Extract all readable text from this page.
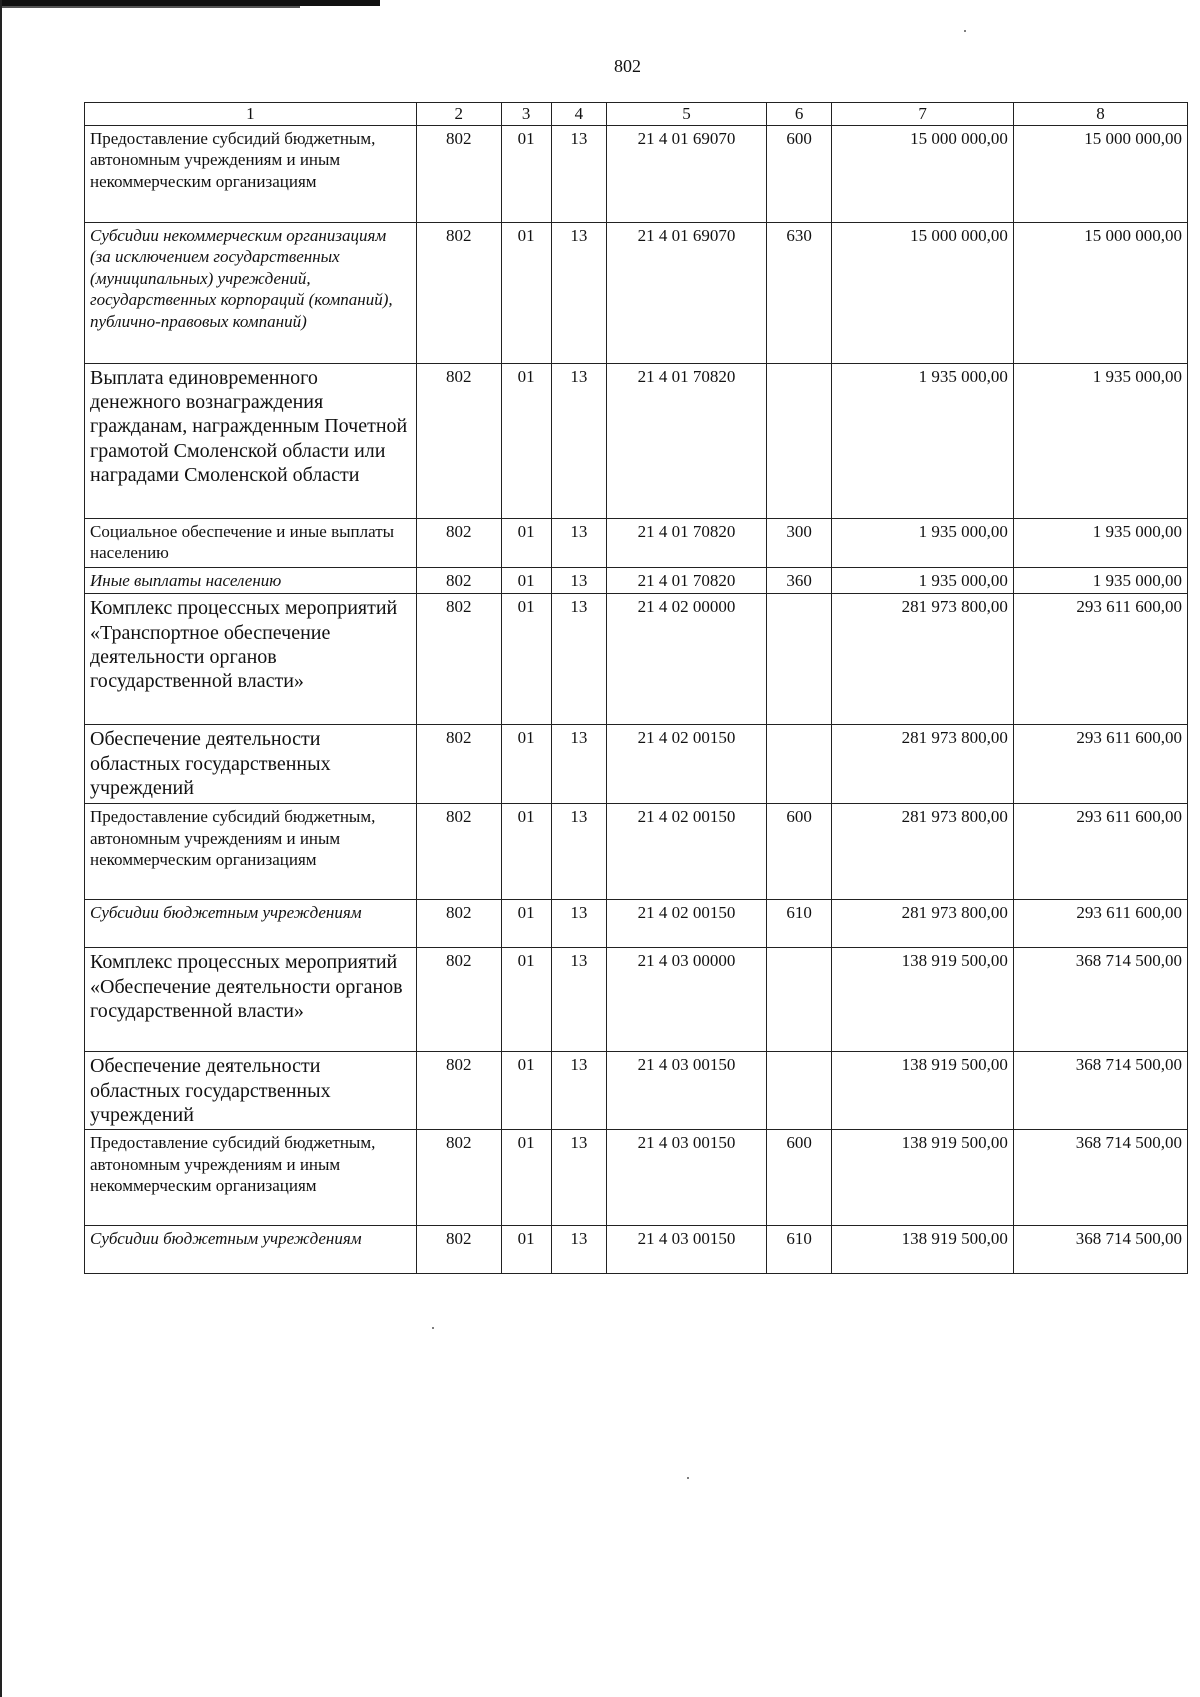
802
1	2	3	4	5	6	7	8
Предоставление субсидий бюджетным, автономным учреждениям и иным некоммерческим организациям	802	01	13	21 4 01 69070	600	15 000 000,00	15 000 000,00
Субсидии некоммерческим организациям (за исключением государственных (муниципальных) учреждений, государственных корпораций (компаний), публично-правовых компаний)	802	01	13	21 4 01 69070	630	15 000 000,00	15 000 000,00
Выплата единовременного денежного вознаграждения гражданам, награжденным Почетной грамотой Смоленской области или наградами Смоленской области	802	01	13	21 4 01 70820		1 935 000,00	1 935 000,00
Социальное обеспечение и иные выплаты населению	802	01	13	21 4 01 70820	300	1 935 000,00	1 935 000,00
Иные выплаты населению	802	01	13	21 4 01 70820	360	1 935 000,00	1 935 000,00
Комплекс процессных мероприятий «Транспортное обеспечение деятельности органов государственной власти»	802	01	13	21 4 02 00000		281 973 800,00	293 611 600,00
Обеспечение деятельности областных государственных учреждений	802	01	13	21 4 02 00150		281 973 800,00	293 611 600,00
Предоставление субсидий бюджетным, автономным учреждениям и иным некоммерческим организациям	802	01	13	21 4 02 00150	600	281 973 800,00	293 611 600,00
Субсидии бюджетным учреждениям	802	01	13	21 4 02 00150	610	281 973 800,00	293 611 600,00
Комплекс процессных мероприятий «Обеспечение деятельности органов государственной власти»	802	01	13	21 4 03 00000		138 919 500,00	368 714 500,00
Обеспечение деятельности областных государственных учреждений	802	01	13	21 4 03 00150		138 919 500,00	368 714 500,00
Предоставление субсидий бюджетным, автономным учреждениям и иным некоммерческим организациям	802	01	13	21 4 03 00150	600	138 919 500,00	368 714 500,00
Субсидии бюджетным учреждениям	802	01	13	21 4 03 00150	610	138 919 500,00	368 714 500,00
